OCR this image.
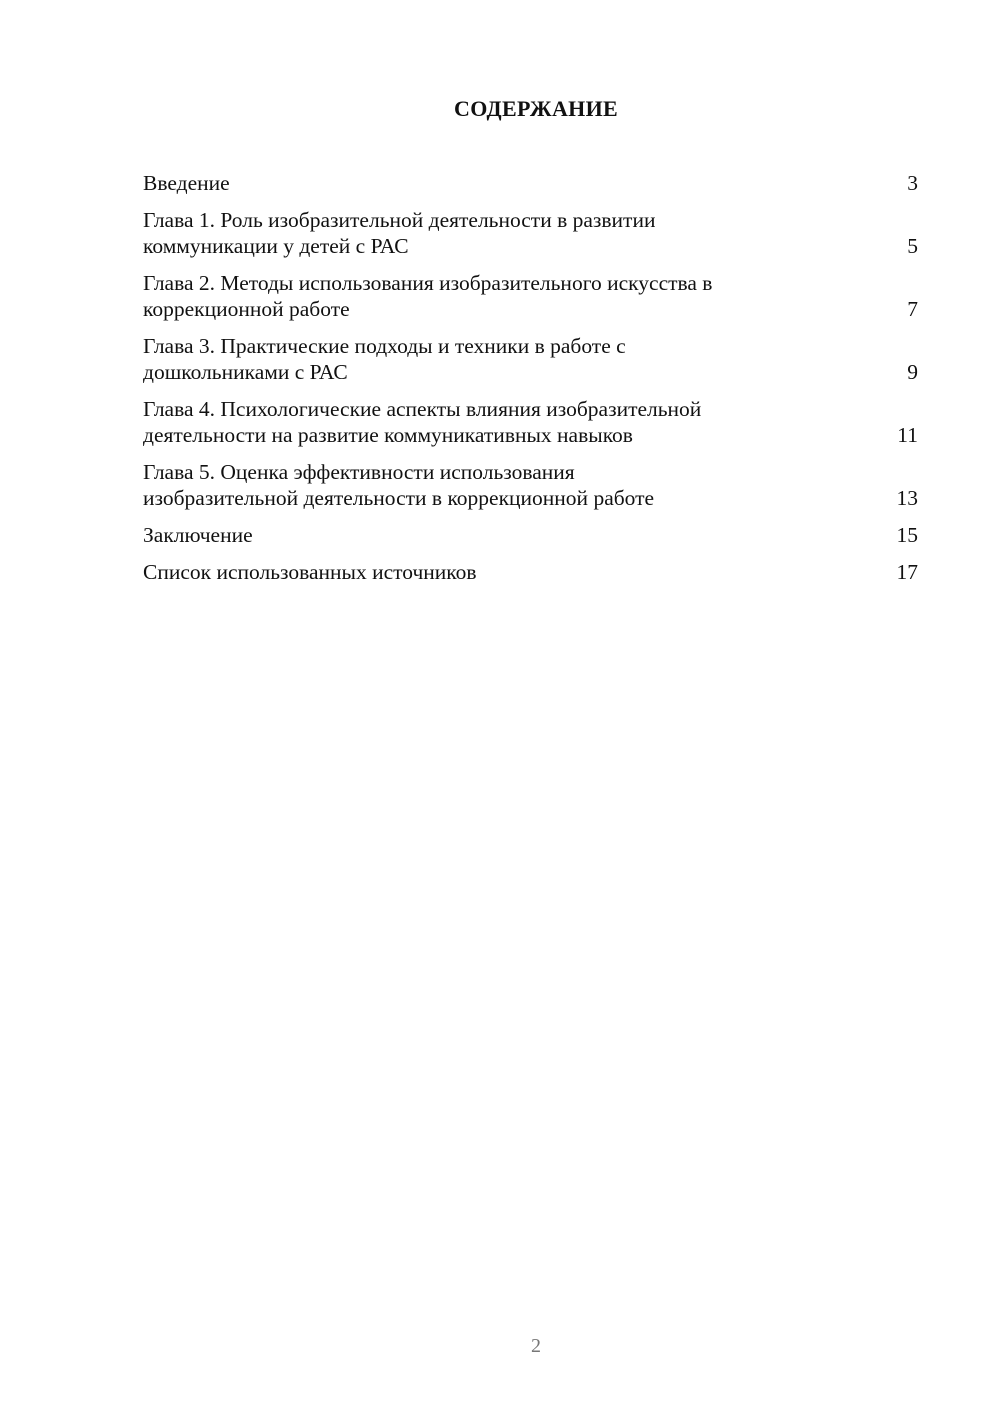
СОДЕРЖАНИЕ
Введение	3
Глава 1. Роль изобразительной деятельности в развитии
коммуникации у детей с РАС	5
Глава 2. Методы использования изобразительного искусства в
коррекционной работе	7
Глава 3. Практические подходы и техники в работе с
дошкольниками с РАС	9
Глава 4. Психологические аспекты влияния изобразительной
деятельности на развитие коммуникативных навыков	11
Глава 5. Оценка эффективности использования
изобразительной деятельности в коррекционной работе	13
Заключение	15
Список использованных источников	17
2
